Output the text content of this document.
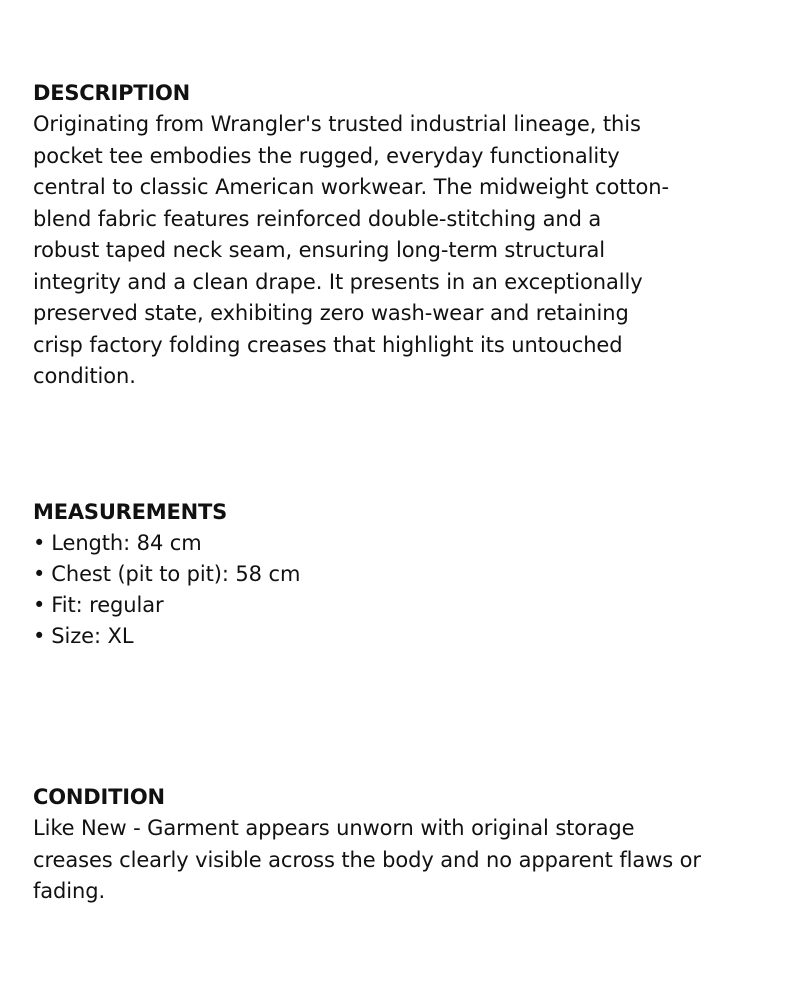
DESCRIPTION

Originating from Wrangler's trusted industrial lineage, this
pocket tee embodies the rugged, everyday functionality
central to classic American workwear. The midweight cotton-
blend fabric features reinforced double-stitching and a
robust taped neck seam, ensuring long-term structural
integrity and a clean drape. It presents in an exceptionally
preserved state, exhibiting zero wash-wear and retaining
crisp factory folding creases that highlight its untouched
condition.

MEASUREMENTS
• Length: 84 cm
• Chest (pit to pit): 58 cm
• Fit: regular
• Size: XL
CONDITION

Like New - Garment appears unworn with original storage
creases clearly visible across the body and no apparent flaws or
fading.
